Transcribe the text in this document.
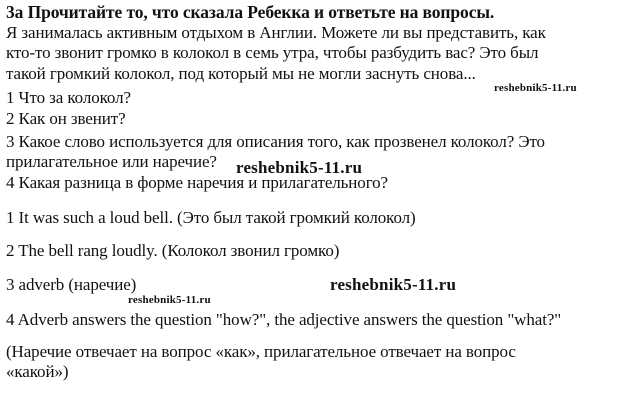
3а Прочитайте то, что сказала Ребекка и ответьте на вопросы.
Я занималась активным отдыхом в Англии. Можете ли вы представить, как
кто-то звонит громко в колокол в семь утра, чтобы разбудить вас? Это был
такой громкий колокол, под который мы не могли заснуть снова...
1 Что за колокол?
2 Как он звенит?
3 Какое слово используется для описания того, как прозвенел колокол? Это
прилагательное или наречие?
4 Какая разница в форме наречия и прилагательного?
1 It was such a loud bell. (Это был такой громкий колокол)
2 The bell rang loudly. (Колокол звонил громко)
3 adverb (наречие)
4 Adverb answers the question "how?", the adjective answers the question "what?"
(Наречие отвечает на вопрос «как», прилагательное отвечает на вопрос
«какой»)
reshebnik5-11.ru
reshebnik5-11.ru
reshebnik5-11.ru
reshebnik5-11.ru
